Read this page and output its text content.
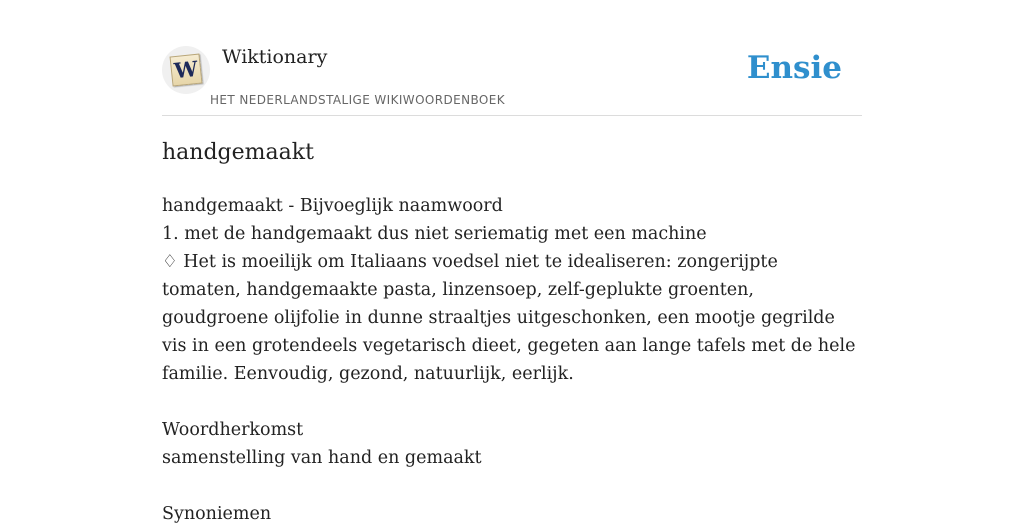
W Wiktionary
HET NEDERLANDSTALIGE WIKIWOORDENBOEK
Ensie
handgemaakt

handgemaakt - Bijvoeglijk naamwoord

1. met de handgemaakt dus niet seriematig met een machine

♢ Het is moeilijk om Italiaans voedsel niet te idealiseren: zongerijpte tomaten, handgemaakte pasta, linzensoep, zelf-geplukte groenten, goudgroene olijfolie in dunne straaltjes uitgeschonken, een mootje gegrilde vis in een grotendeels vegetarisch dieet, gegeten aan lange tafels met de hele familie. Eenvoudig, gezond, natuurlijk, eerlijk.

Woordherkomst

samenstelling van hand en gemaakt

Synoniemen
